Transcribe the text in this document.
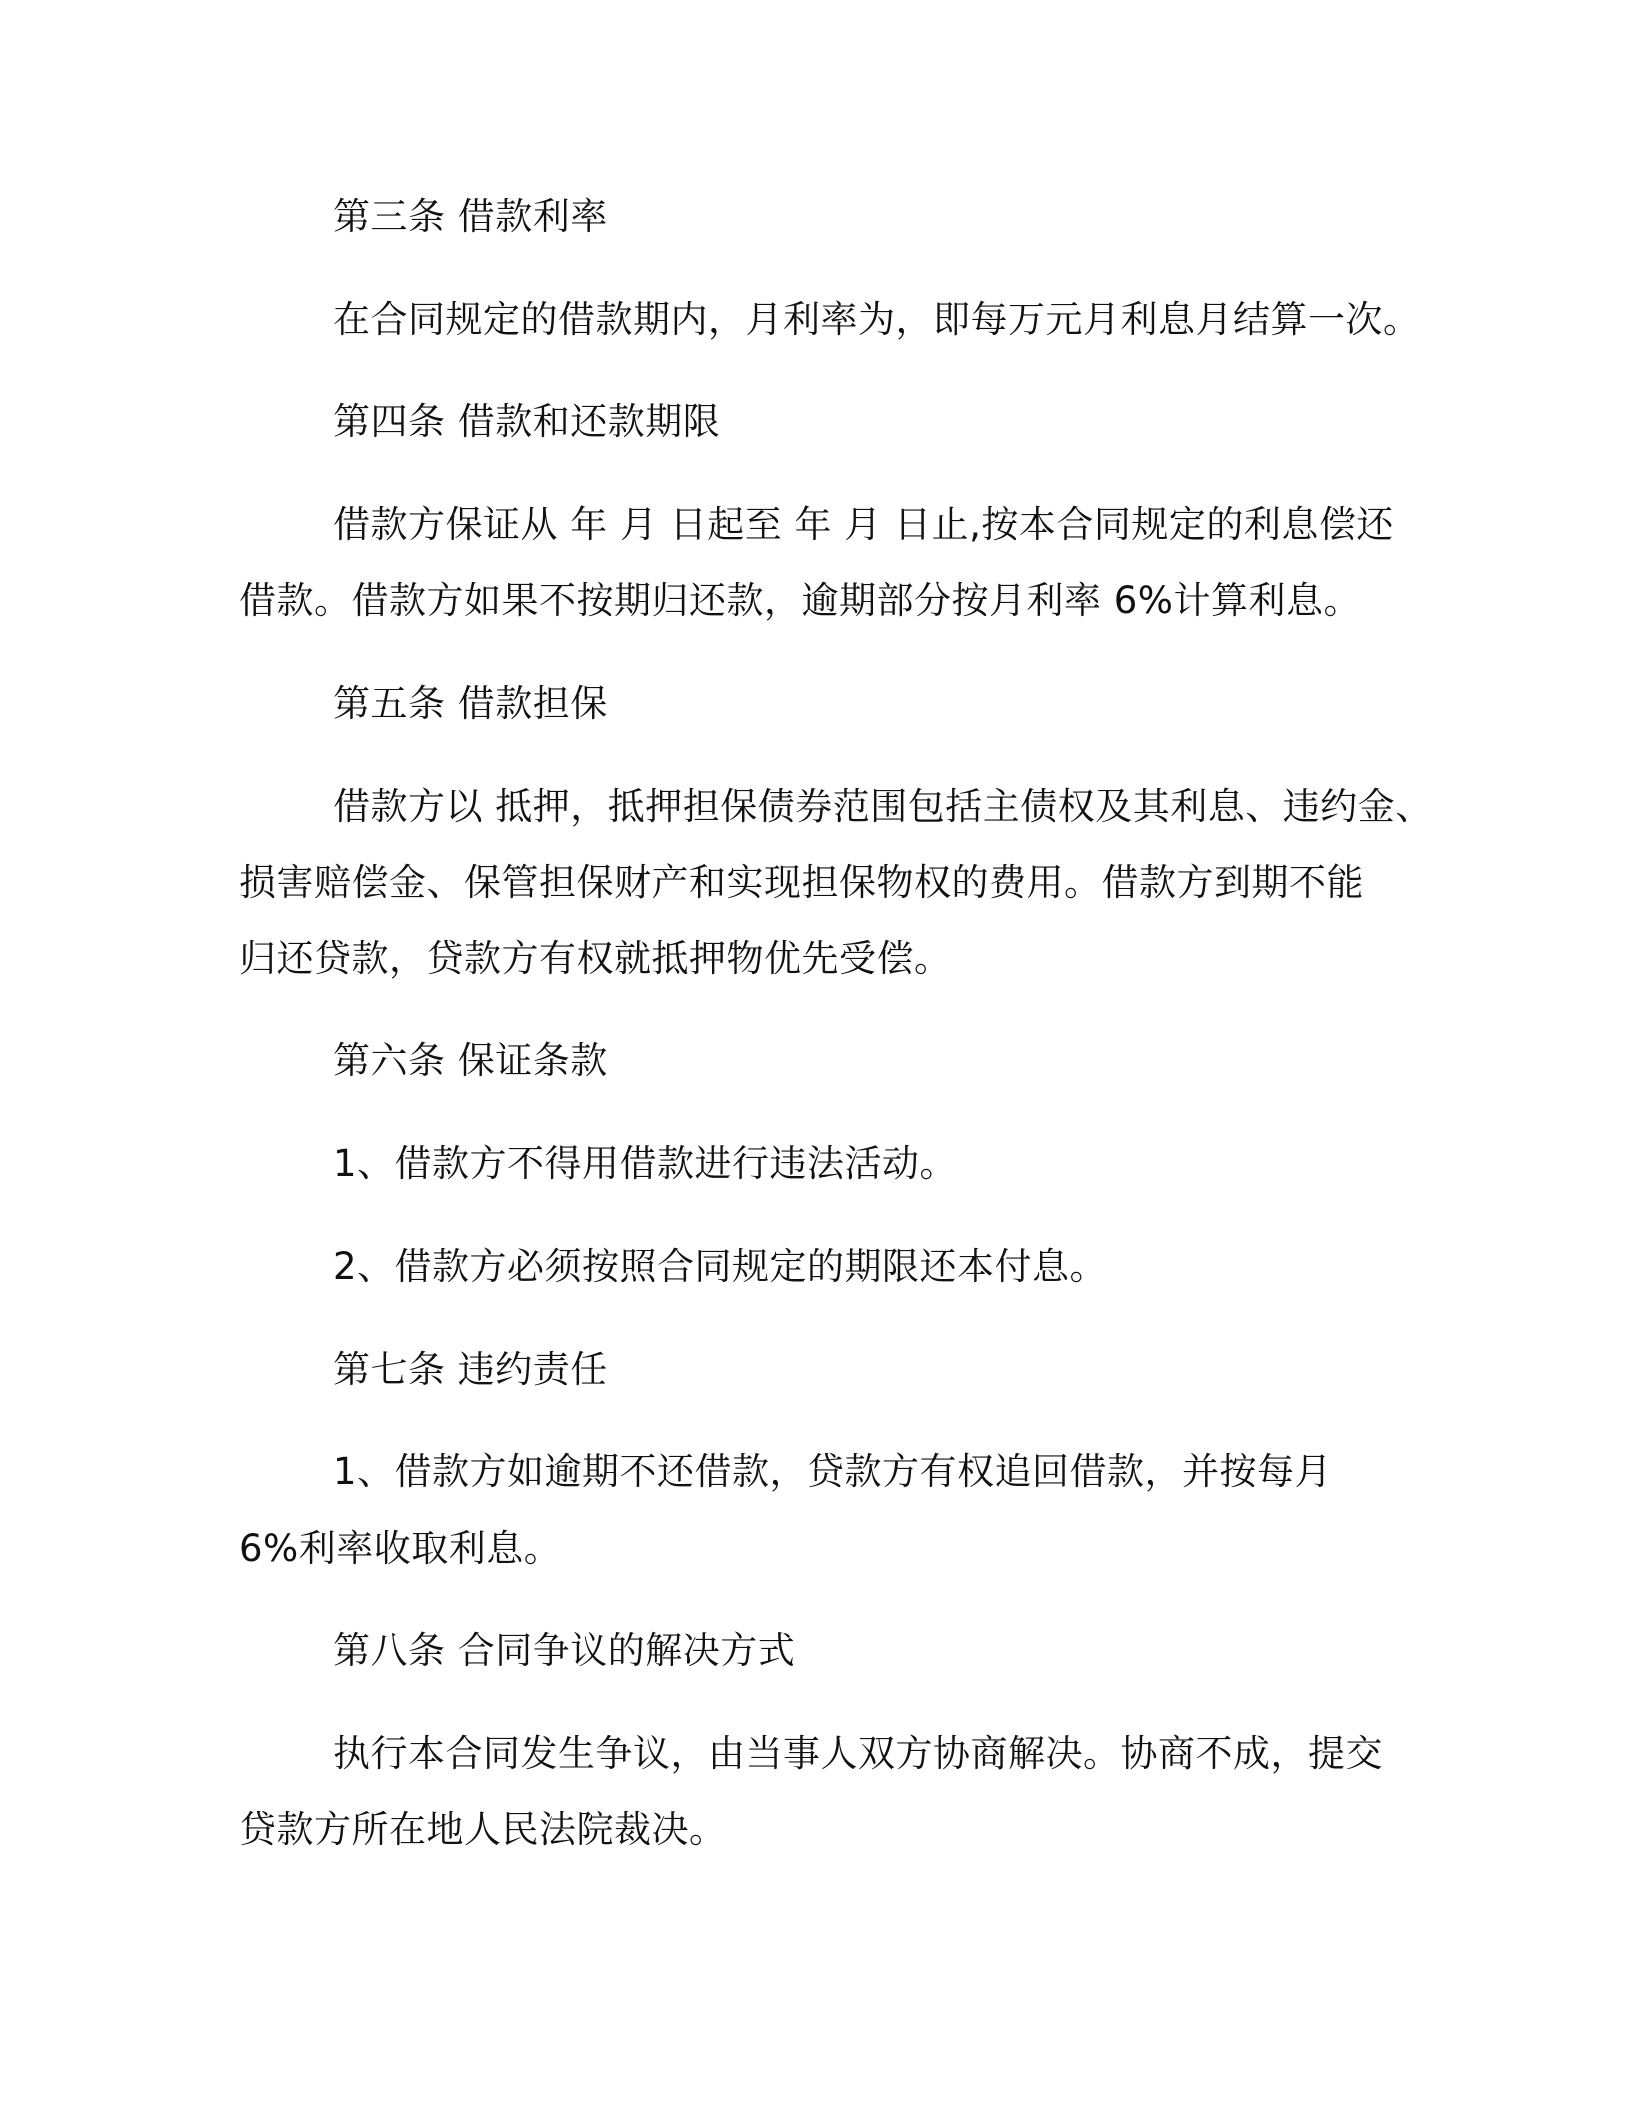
第三条 借款利率
在合同规定的借款期内，月利率为，即每万元月利息月结算一次。
第四条 借款和还款期限
借款方保证从 年 月 日起至 年 月 日止,按本合同规定的利息偿还
借款。借款方如果不按期归还款，逾期部分按月利率 6%计算利息。
第五条 借款担保
借款方以 抵押，抵押担保债券范围包括主债权及其利息、违约金、
损害赔偿金、保管担保财产和实现担保物权的费用。借款方到期不能
归还贷款，贷款方有权就抵押物优先受偿。
第六条 保证条款
1、借款方不得用借款进行违法活动。
2、借款方必须按照合同规定的期限还本付息。
第七条 违约责任
1、借款方如逾期不还借款，贷款方有权追回借款，并按每月
6%利率收取利息。
第八条 合同争议的解决方式
执行本合同发生争议，由当事人双方协商解决。协商不成，提交
贷款方所在地人民法院裁决。
